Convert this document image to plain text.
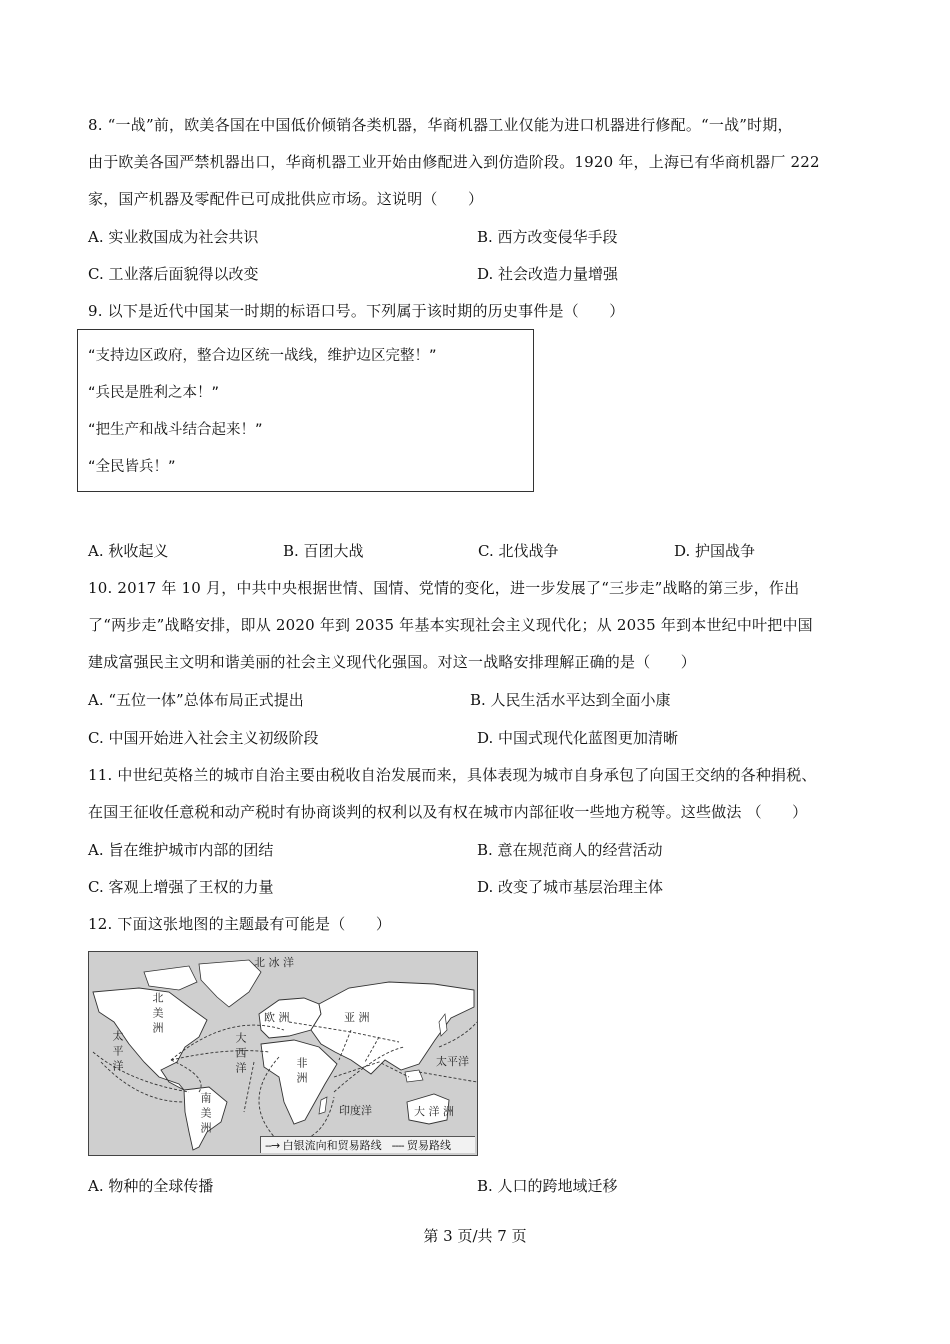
8. “一战”前，欧美各国在中国低价倾销各类机器，华商机器工业仅能为进口机器进行修配。“一战”时期，
由于欧美各国严禁机器出口，华商机器工业开始由修配进入到仿造阶段。1920 年，上海已有华商机器厂 222
家，国产机器及零配件已可成批供应市场。这说明（　　）
A. 实业救国成为社会共识	B. 西方改变侵华手段
C. 工业落后面貌得以改变	D. 社会改造力量增强
9. 以下是近代中国某一时期的标语口号。下列属于该时期的历史事件是（　　）
“支持边区政府，整合边区统一战线，维护边区完整！”
“兵民是胜利之本！”
“把生产和战斗结合起来！”
“全民皆兵！”
A. 秋收起义	B. 百团大战	C. 北伐战争	D. 护国战争
10. 2017 年 10 月，中共中央根据世情、国情、党情的变化，进一步发展了“三步走”战略的第三步，作出
了“两步走”战略安排，即从 2020 年到 2035 年基本实现社会主义现代化；从 2035 年到本世纪中叶把中国
建成富强民主文明和谐美丽的社会主义现代化强国。对这一战略安排理解正确的是（　　）
A. “五位一体”总体布局正式提出	B. 人民生活水平达到全面小康
C. 中国开始进入社会主义初级阶段	D. 中国式现代化蓝图更加清晰
11. 中世纪英格兰的城市自治主要由税收自治发展而来，具体表现为城市自身承包了向国王交纳的各种捐税、
在国王征收任意税和动产税时有协商谈判的权利以及有权在城市内部征收一些地方税等。这些做法 （　　）
A. 旨在维护城市内部的团结	B. 意在规范商人的经营活动
C. 客观上增强了王权的力量	D. 改变了城市基层治理主体
12. 下面这张地图的主题最有可能是（　　）
北 冰 洋
北美洲
南美洲
欧 洲	亚 洲
非洲
大 洋 洲
太平洋	太平洋
大西洋
印度洋
--→ 白银流向和贸易路线 ---- 贸易路线
A. 物种的全球传播	B. 人口的跨地域迁移
第 3 页/共 7 页
